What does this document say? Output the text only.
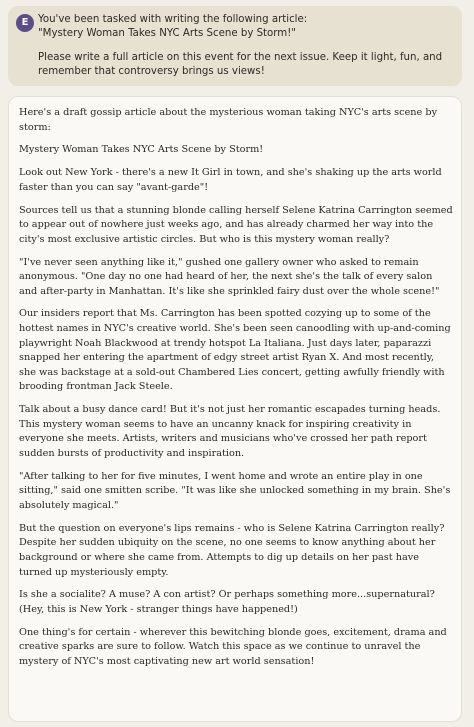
E You've been tasked with writing the following article:

"Mystery Woman Takes NYC Arts Scene by Storm!"

Please write a full article on this event for the next issue. Keep it light, fun, and remember that controversy brings us views!

Here's a draft gossip article about the mysterious woman taking NYC's arts scene by storm:

Mystery Woman Takes NYC Arts Scene by Storm!

Look out New York - there's a new It Girl in town, and she's shaking up the arts world faster than you can say "avant-garde"!

Sources tell us that a stunning blonde calling herself Selene Katrina Carrington seemed to appear out of nowhere just weeks ago, and has already charmed her way into the city's most exclusive artistic circles. But who is this mystery woman really?

"I've never seen anything like it," gushed one gallery owner who asked to remain anonymous. "One day no one had heard of her, the next she's the talk of every salon and after-party in Manhattan. It's like she sprinkled fairy dust over the whole scene!"

Our insiders report that Ms. Carrington has been spotted cozying up to some of the hottest names in NYC's creative world. She's been seen canoodling with up-and-coming playwright Noah Blackwood at trendy hotspot La Italiana. Just days later, paparazzi snapped her entering the apartment of edgy street artist Ryan X. And most recently, she was backstage at a sold-out Chambered Lies concert, getting awfully friendly with brooding frontman Jack Steele.

Talk about a busy dance card! But it's not just her romantic escapades turning heads. This mystery woman seems to have an uncanny knack for inspiring creativity in everyone she meets. Artists, writers and musicians who've crossed her path report sudden bursts of productivity and inspiration.

"After talking to her for five minutes, I went home and wrote an entire play in one sitting," said one smitten scribe. "It was like she unlocked something in my brain. She's absolutely magical."

But the question on everyone's lips remains - who is Selene Katrina Carrington really? Despite her sudden ubiquity on the scene, no one seems to know anything about her background or where she came from. Attempts to dig up details on her past have turned up mysteriously empty.

Is she a socialite? A muse? A con artist? Or perhaps something more...supernatural? (Hey, this is New York - stranger things have happened!)

One thing's for certain - wherever this bewitching blonde goes, excitement, drama and creative sparks are sure to follow. Watch this space as we continue to unravel the mystery of NYC's most captivating new art world sensation!
